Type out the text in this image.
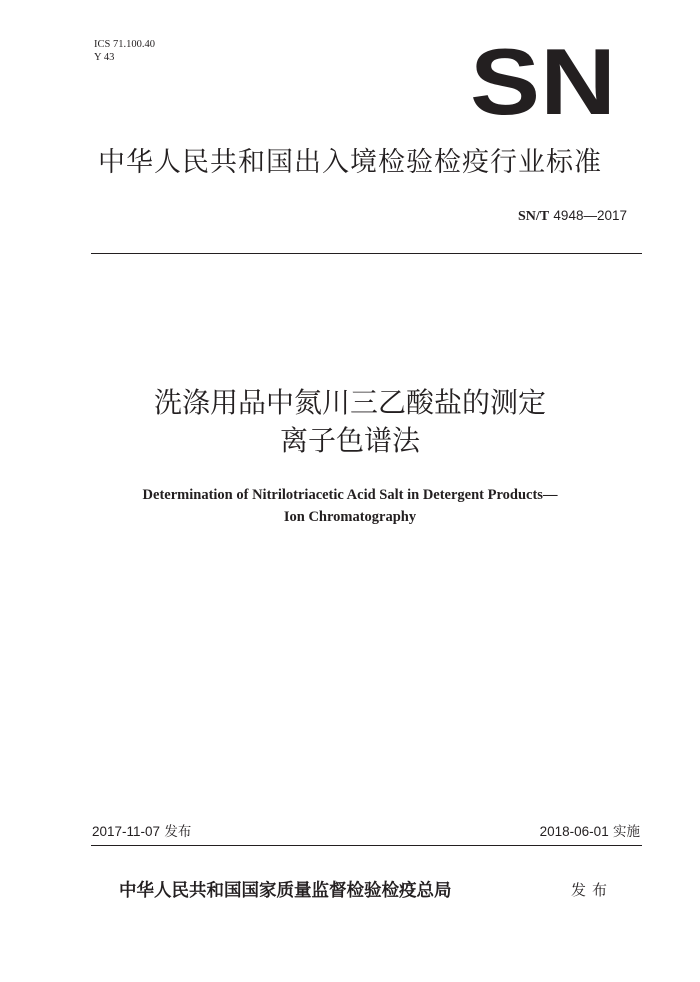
ICS 71.100.40
Y 43	SN
中华人民共和国出入境检验检疫行业标准
SN/T 4948—2017
洗涤用品中氮川三乙酸盐的测定
离子色谱法
Determination of Nitrilotriacetic Acid Salt in Detergent Products—
Ion Chromatography
2017-11-07 发布	2018-06-01 实施
中华人民共和国国家质量监督检验检疫总局	发布
